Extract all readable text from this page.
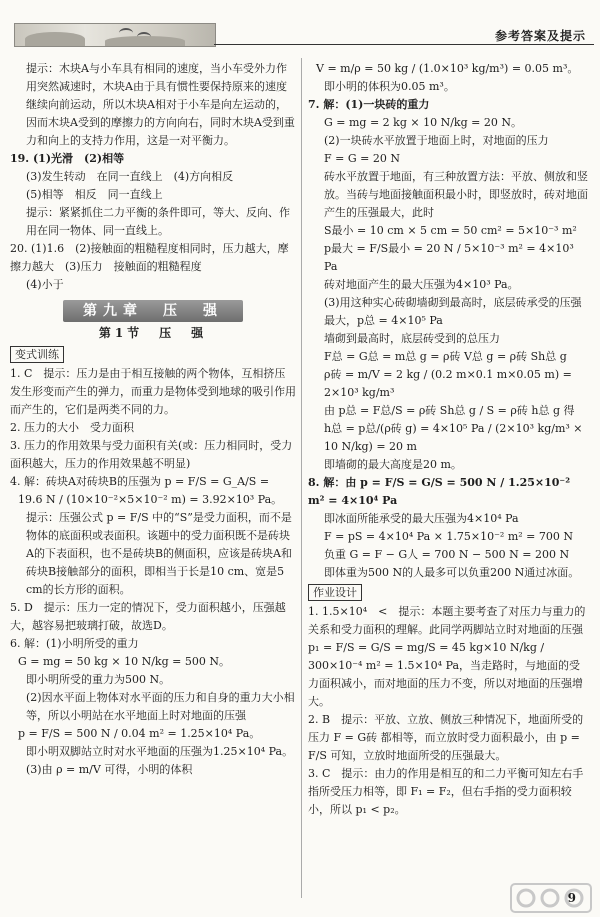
参考答案及提示

提示：木块A与小车具有相同的速度，当小车受外力作用突然减速时，木块A由于具有惯性要保持原来的速度继续向前运动，所以木块A相对于小车是向左运动的，因而木块A受到的摩擦力的方向向右，同时木块A受到重力和向上的支持力作用，这是一对平衡力。

19. (1)光滑　(2)相等

(3)发生转动　在同一直线上　(4)方向相反

(5)相等　相反　同一直线上

提示：紧紧抓住二力平衡的条件即可，等大、反向、作用在同一物体、同一直线上。

20. (1)1.6　(2)接触面的粗糙程度相同时，压力越大，摩擦力越大　(3)压力　接触面的粗糙程度

(4)小于

第九章　压　强
第1节　压　强
变式训练

1. C　提示：压力是由于相互接触的两个物体，互相挤压发生形变而产生的弹力，而重力是物体受到地球的吸引作用而产生的，它们是两类不同的力。

2. 压力的大小　受力面积

3. 压力的作用效果与受力面积有关(或：压力相同时，受力面积越大，压力的作用效果越不明显)

4. 解：砖块A对砖块B的压强为 p = F/S = G_A/S =

19.6 N / (10×10⁻²×5×10⁻² m) = 3.92×10³ Pa。

提示：压强公式 p = F/S 中的“S”是受力面积，而不是物体的底面积或表面积。该题中的受力面积既不是砖块A的下表面积，也不是砖块B的侧面积，应该是砖块A和砖块B接触部分的面积，即相当于长是10 cm、宽是5 cm的长方形的面积。

5. D　提示：压力一定的情况下，受力面积越小，压强越大，越容易把玻璃打破，故选D。

6. 解：(1)小明所受的重力

G = mg = 50 kg × 10 N/kg = 500 N。

即小明所受的重力为500 N。

(2)因水平面上物体对水平面的压力和自身的重力大小相等，所以小明站在水平地面上时对地面的压强

p = F/S = 500 N / 0.04 m² = 1.25×10⁴ Pa。

即小明双脚站立时对水平地面的压强为1.25×10⁴ Pa。

(3)由 ρ = m/V 可得，小明的体积

V = m/ρ = 50 kg / (1.0×10³ kg/m³) = 0.05 m³。

即小明的体积为0.05 m³。

7. 解：(1)一块砖的重力

G = mg = 2 kg × 10 N/kg = 20 N。

(2)一块砖水平放置于地面上时，对地面的压力

F = G = 20 N

砖水平放置于地面，有三种放置方法：平放、侧放和竖放。当砖与地面接触面积最小时，即竖放时，砖对地面产生的压强最大，此时

S最小 = 10 cm × 5 cm = 50 cm² = 5×10⁻³ m²

p最大 = F/S最小 = 20 N / 5×10⁻³ m² = 4×10³ Pa

砖对地面产生的最大压强为4×10³ Pa。

(3)用这种实心砖砌墙砌到最高时，底层砖承受的压强最大，p总 = 4×10⁵ Pa

墙砌到最高时，底层砖受到的总压力

F总 = G总 = m总 g = ρ砖 V总 g = ρ砖 Sh总 g

ρ砖 = m/V = 2 kg / (0.2 m×0.1 m×0.05 m) = 2×10³ kg/m³

由 p总 = F总/S = ρ砖 Sh总 g / S = ρ砖 h总 g 得

h总 = p总/(ρ砖 g) = 4×10⁵ Pa / (2×10³ kg/m³ × 10 N/kg) = 20 m

即墙砌的最大高度是20 m。

8. 解：由 p = F/S = G/S = 500 N / 1.25×10⁻² m² = 4×10⁴ Pa

即冰面所能承受的最大压强为4×10⁴ Pa

F = pS = 4×10⁴ Pa × 1.75×10⁻² m² = 700 N

负重 G = F − G人 = 700 N − 500 N = 200 N

即体重为500 N的人最多可以负重200 N通过冰面。

作业设计

1. 1.5×10⁴　<　提示：本题主要考查了对压力与重力的关系和受力面积的理解。此同学两脚站立时对地面的压强 p₁ = F/S = G/S = mg/S = 45 kg×10 N/kg / 300×10⁻⁴ m² = 1.5×10⁴ Pa，当走路时，与地面的受力面积减小，而对地面的压力不变，所以对地面的压强增大。

2. B　提示：平放、立放、侧放三种情况下，地面所受的压力 F = G砖 都相等，而立放时受力面积最小，由 p = F/S 可知，立放时地面所受的压强最大。

3. C　提示：由力的作用是相互的和二力平衡可知左右手指所受压力相等，即 F₁ = F₂，但右手指的受力面积较小，所以 p₁ < p₂。

9
